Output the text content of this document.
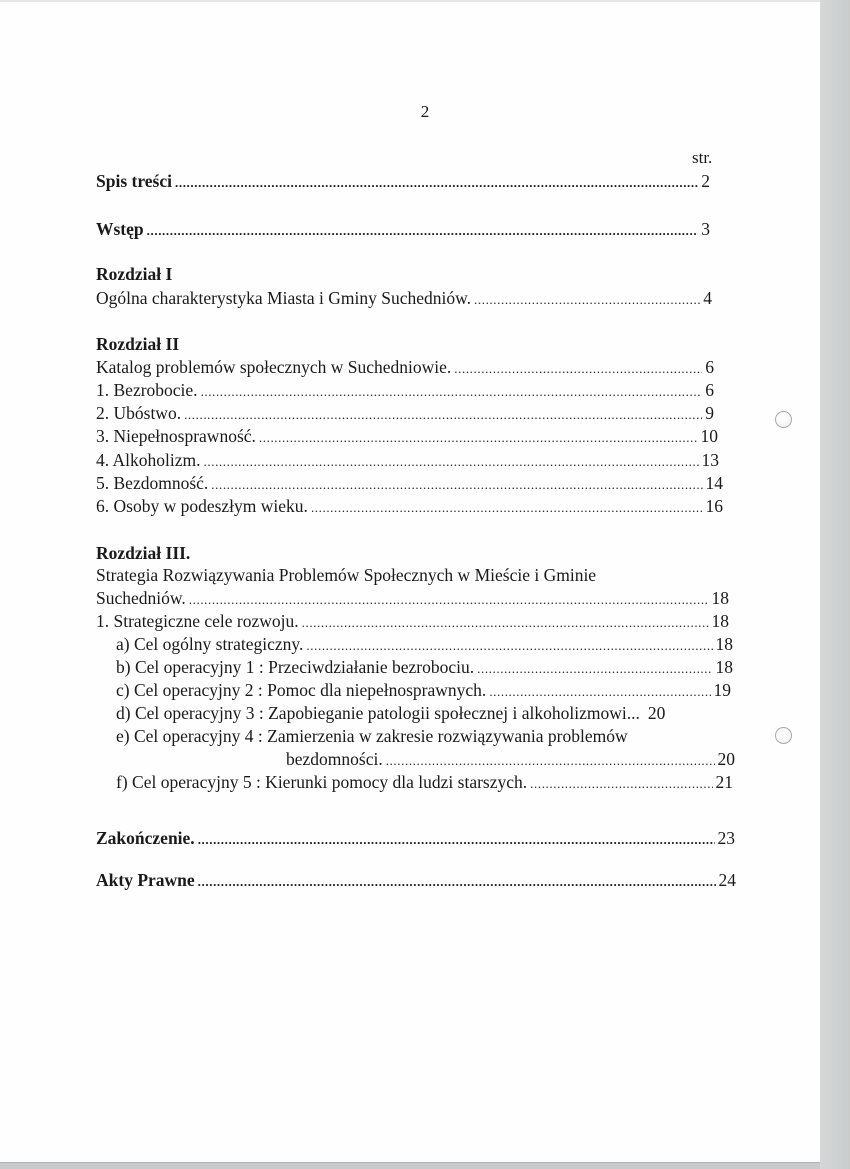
2
str.
Spis treści .....	2
Wstęp .....	3
Rozdział I
Ogólna charakterystyka Miasta i Gminy Suchedniów. .....	4
Rozdział II
Katalog problemów społecznych w Suchedniowie. .....	6
1. Bezrobocie. .....	6
2. Ubóstwo. .....	9
3. Niepełnosprawność. .....	10
4. Alkoholizm. .....	13
5. Bezdomność. .....	14
6. Osoby w podeszłym wieku. .....	16
Rozdział III.
Strategia Rozwiązywania Problemów Społecznych w Mieście i Gminie
Suchedniów. .....	18
1. Strategiczne cele rozwoju. .....	18
a) Cel ogólny strategiczny. .....	18
b) Cel operacyjny 1 : Przeciwdziałanie bezrobociu. .....	18
c) Cel operacyjny 2 : Pomoc dla niepełnosprawnych. .....	19
d) Cel operacyjny 3 : Zapobieganie patologii społecznej i alkoholizmowi... 20
e) Cel operacyjny 4 : Zamierzenia w zakresie rozwiązywania problemów
bezdomności. .....	20
f) Cel operacyjny 5 : Kierunki pomocy dla ludzi starszych. .....	21
Zakończenie. .....	23
Akty Prawne .....	24
